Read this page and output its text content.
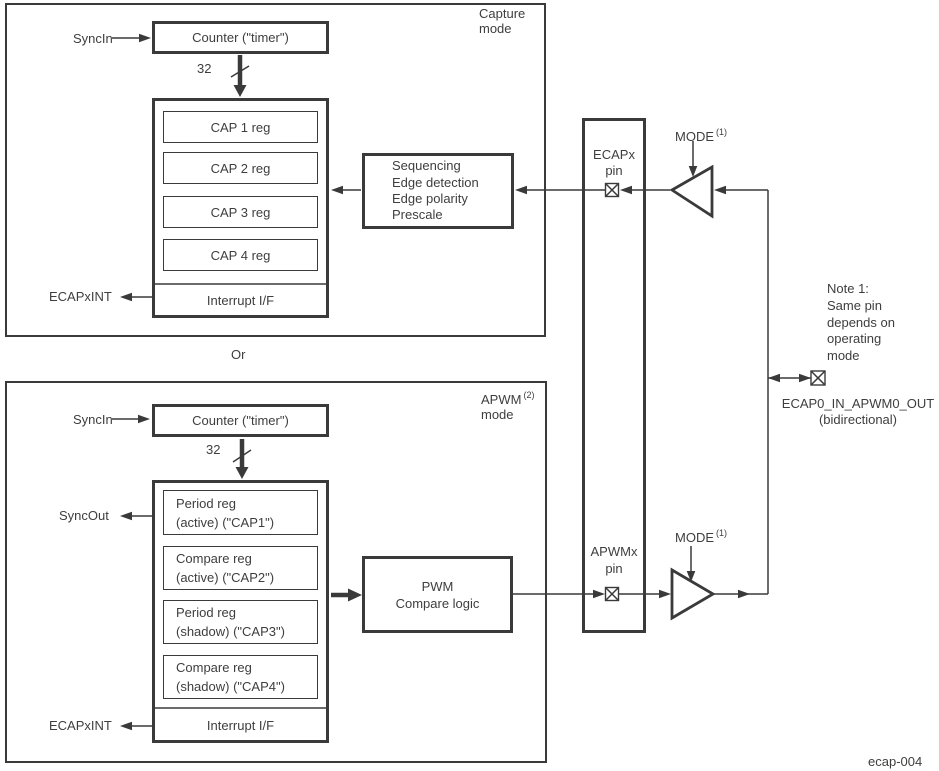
Counter ("timer")
CAP 1 reg
CAP 2 reg
CAP 3 reg
CAP 4 reg
Interrupt I/F
Sequencing
Edge detection
Edge polarity
Prescale
Counter ("timer")
Period reg
(active) ("CAP1")
Compare reg
(active) ("CAP2")
Period reg
(shadow) ("CAP3")
Compare reg
(shadow) ("CAP4")
Interrupt I/F
PWM
Compare logic
Capture
mode
APWM $^{(2)}$
mode
SyncIn
32
ECAPxINT
Or
SyncIn
32
SyncOut
ECAPxINT
ECAPx
pin
APWMx
pin
MODE $^{(1)}$
MODE $^{(1)}$
Note 1:
Same pin
depends on
operating
mode
ECAP0_IN_APWM0_OUT
(bidirectional)
ecap-004
